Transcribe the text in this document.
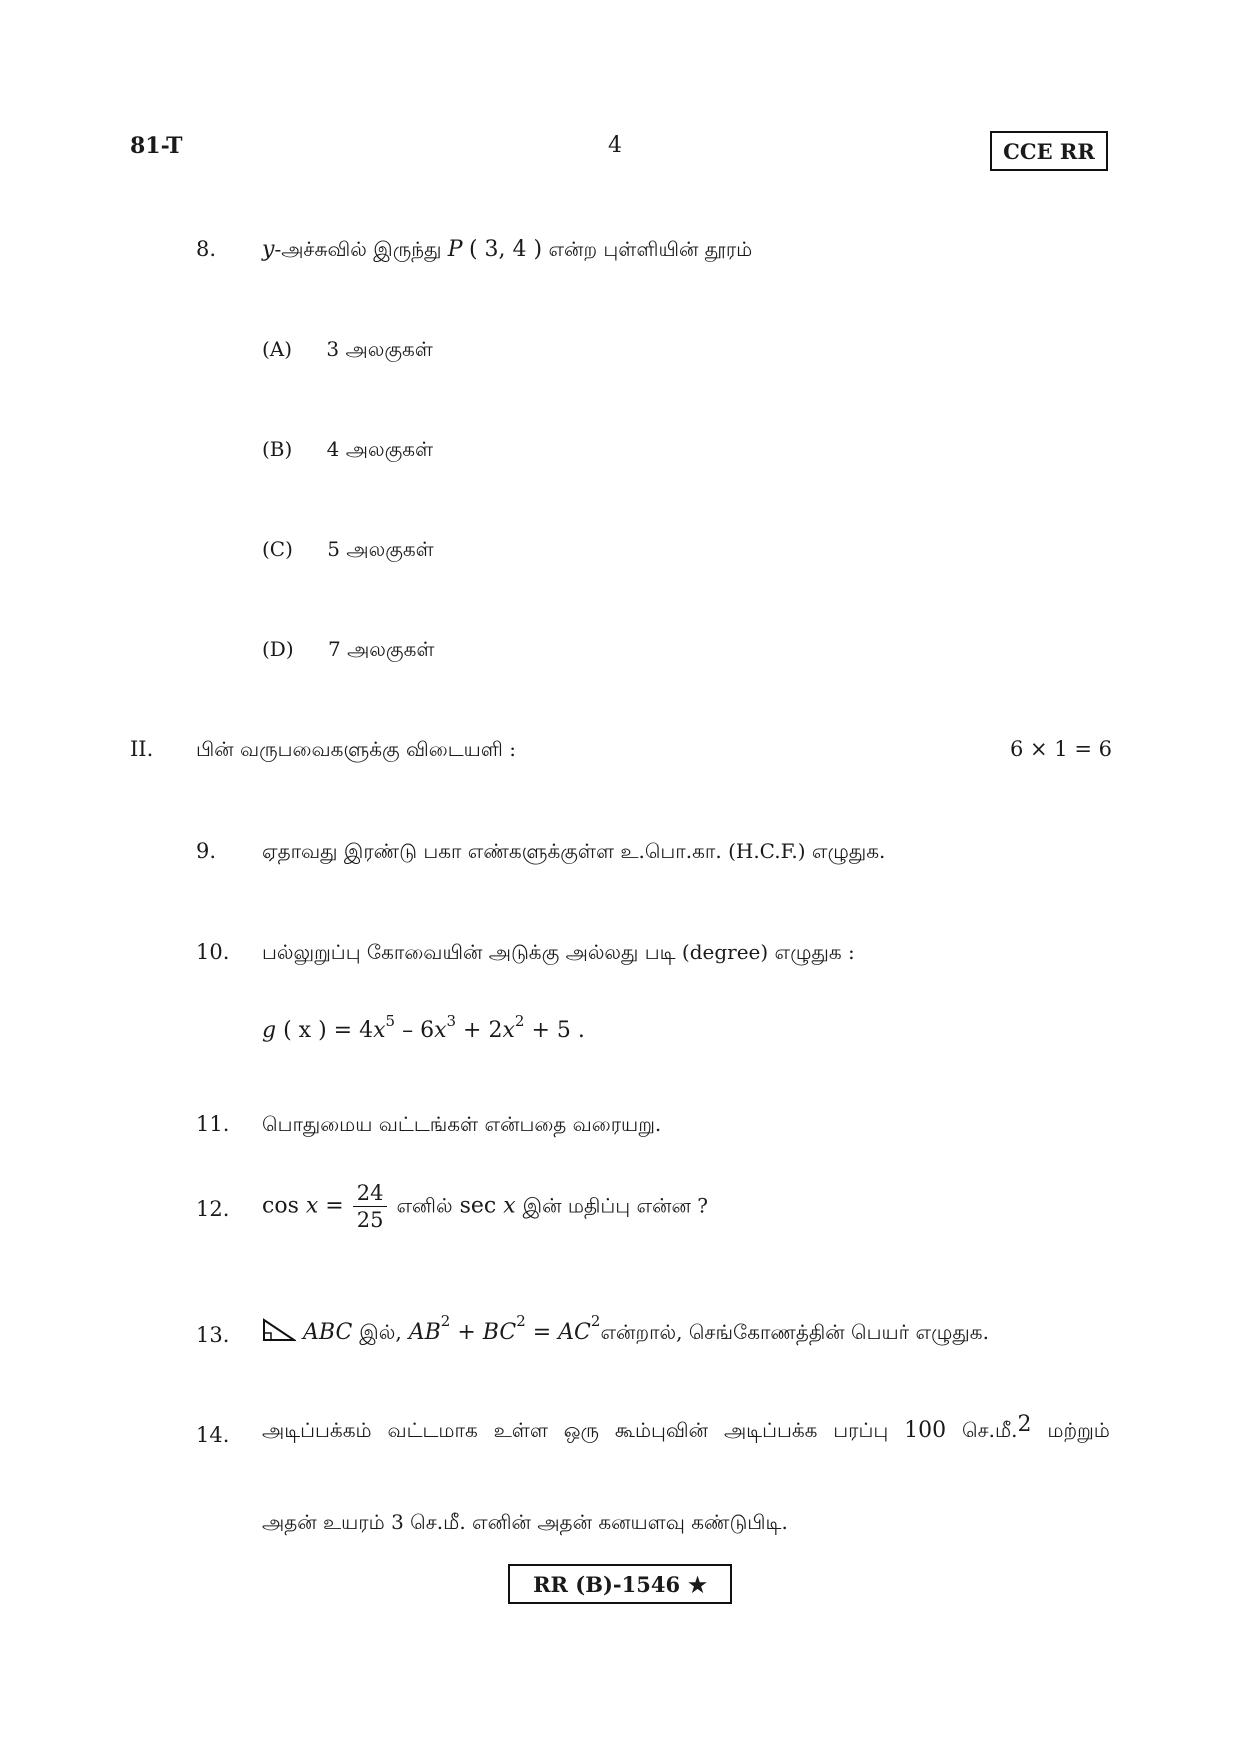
81-T	4	CCE RR
8. y-அச்சுவில் இருந்து P ( 3, 4 ) என்ற புள்ளியின் தூரம்
(A) 3 அலகுகள்
(B) 4 அலகுகள்
(C) 5 அலகுகள்
(D) 7 அலகுகள்
II. பின் வருபவைகளுக்கு விடையளி :	6 × 1 = 6
9. ஏதாவது இரண்டு பகா எண்களுக்குள்ள உ.பொ.கா. (H.C.F.) எழுதுக.
10. பல்லுறுப்பு கோவையின் அடுக்கு அல்லது படி (degree) எழுதுக :
g ( x ) = $4x^5 - 6x^3 + 2x^2 + 5$ .
11. பொதுமைய வட்டங்கள் என்பதை வரையறு.
12. $\cos x = \frac{24}{25}$ எனில் sec x இன் மதிப்பு என்ன ?
13.	ABC இல், $AB^2 + BC^2$ = $AC^2என்றால்$, செங்கோணத்தின் பெயர் எழுதுக.
14. அடிப்பக்கம் வட்டமாக உள்ள ஒரு கூம்புவின் அடிப்பக்க பரப்பு 100 செ.மீ.$^2$ மற்றும்
அதன் உயரம் 3 செ.மீ. எனின் அதன் கனயளவு கண்டுபிடி.
RR (B)-1546 ★
